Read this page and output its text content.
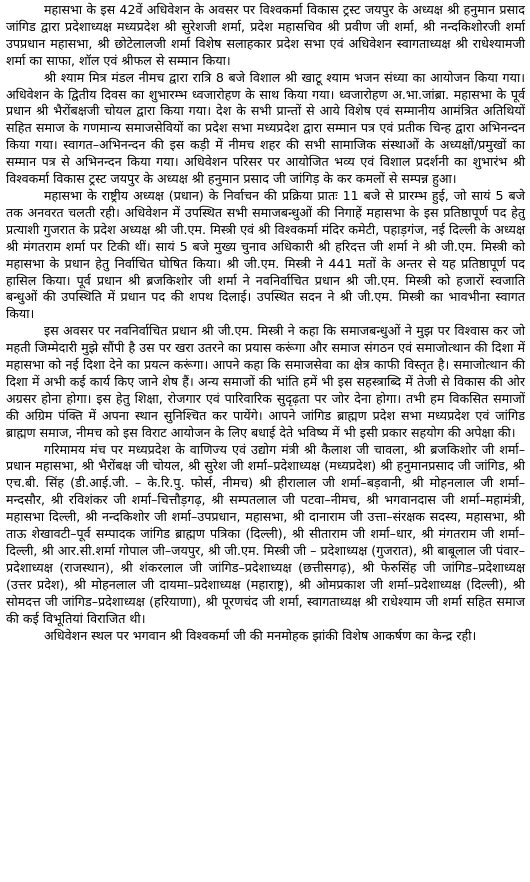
महासभा के इस 42वें अधिवेशन के अवसर पर विश्वकर्मा विकास ट्रस्ट जयपुर के अध्यक्ष श्री हनुमान प्रसाद जांगिड द्वारा प्रदेशाध्यक्ष मध्यप्रदेश श्री सुरेशजी शर्मा, प्रदेश महासचिव श्री प्रवीण जी शर्मा, श्री नन्दकिशोरजी शर्मा उपप्रधान महासभा, श्री छोटेलालजी शर्मा विशेष सलाहकार प्रदेश सभा एवं अधिवेशन स्वागताध्यक्ष श्री राधेश्यामजी शर्मा का साफा, शॉल एवं श्रीफल से सम्मान किया।

श्री श्याम मित्र मंडल नीमच द्वारा रात्रि 8 बजे विशाल श्री खाटू श्याम भजन संध्या का आयोजन किया गया। अधिवेशन के द्वितीय दिवस का शुभारम्भ ध्वजारोहण के साथ किया गया। ध्वजारोहण अ.भा.जांब्रा. महासभा के पूर्व प्रधान श्री भैरोंबक्षजी चोयल द्वारा किया गया। देश के सभी प्रान्तों से आये विशेष एवं सम्मानीय आमंत्रित अतिथियों सहित समाज के गणमान्य समाजसेवियों का प्रदेश सभा मध्यप्रदेश द्वारा सम्मान पत्र एवं प्रतीक चिन्ह द्वारा अभिनन्दन किया गया। स्वागत–अभिनन्दन की इस कड़ी में नीमच शहर की सभी सामाजिक संस्थाओं के अध्यक्षों/प्रमुखों का सम्मान पत्र से अभिनन्दन किया गया। अधिवेशन परिसर पर आयोजित भव्य एवं विशाल प्रदर्शनी का शुभारंभ श्री विश्वकर्मा विकास ट्रस्ट जयपुर के अध्यक्ष श्री हनुमान प्रसाद जी जांगिड़ के कर कमलों से सम्पन्न हुआ।

महासभा के राष्ट्रीय अध्यक्ष (प्रधान) के निर्वाचन की प्रक्रिया प्रातः 11 बजे से प्रारम्भ हुई, जो सायं 5 बजे तक अनवरत चलती रही। अधिवेशन में उपस्थित सभी समाजबन्धुओं की निगाहें महासभा के इस प्रतिष्ठापूर्ण पद हेतु प्रत्याशी गुजरात के प्रदेश अध्यक्ष श्री जी.एम. मिस्त्री एवं श्री विश्वकर्मा मंदिर कमेटी, पहाड़गंज, नई दिल्ली के अध्यक्ष श्री मंगतराम शर्मा पर टिकी थीं। सायं 5 बजे मुख्य चुनाव अधिकारी श्री हरिदत्त जी शर्मा ने श्री जी.एम. मिस्त्री को महासभा के प्रधान हेतु निर्वाचित घोषित किया। श्री जी.एम. मिस्त्री ने 441 मतों के अन्तर से यह प्रतिष्ठापूर्ण पद हासिल किया। पूर्व प्रधान श्री ब्रजकिशोर जी शर्मा ने नवनिर्वाचित प्रधान श्री जी.एम. मिस्त्री को हजारों स्वजाति बन्धुओं की उपस्थिति में प्रधान पद की शपथ दिलाई। उपस्थित सदन ने श्री जी.एम. मिस्त्री का भावभीना स्वागत किया।

इस अवसर पर नवनिर्वाचित प्रधान श्री जी.एम. मिस्त्री ने कहा कि समाजबन्धुओं ने मुझ पर विश्वास कर जो महती जिम्मेदारी मुझे सौंपी है उस पर खरा उतरने का प्रयास करूंगा और समाज संगठन एवं समाजोत्थान की दिशा में महासभा को नई दिशा देने का प्रयत्न करूंगा। आपने कहा कि समाजसेवा का क्षेत्र काफी विस्तृत है। समाजोत्थान की दिशा में अभी कई कार्य किए जाने शेष हैं। अन्य समाजों की भांति हमें भी इस सहस्त्राब्दि में तेजी से विकास की ओर अग्रसर होना होगा। इस हेतु शिक्षा, रोजगार एवं पारिवारिक सुदृढ़ता पर जोर देना होगा। तभी हम विकसित समाजों की अग्रिम पंक्ति में अपना स्थान सुनिश्चित कर पायेंगे। आपने जांगिड ब्राह्मण प्रदेश सभा मध्यप्रदेश एवं जांगिड ब्राह्मण समाज, नीमच को इस विराट आयोजन के लिए बधाई देते भविष्य में भी इसी प्रकार सहयोग की अपेक्षा की।

गरिमामय मंच पर मध्यप्रदेश के वाणिज्य एवं उद्योग मंत्री श्री कैलाश जी चावला, श्री ब्रजकिशोर जी शर्मा–प्रधान महासभा, श्री भैरोंबक्ष जी चोयल, श्री सुरेश जी शर्मा–प्रदेशाध्यक्ष (मध्यप्रदेश) श्री हनुमानप्रसाद जी जांगिड, श्री एच.बी. सिंह (डी.आई.जी. – के.रि.पु. फोर्स, नीमच) श्री हीरालाल जी शर्मा–बड़वानी, श्री मोहनलाल जी शर्मा–मन्दसौर, श्री रविशंकर जी शर्मा–चित्तौड़गढ़, श्री सम्पतलाल जी पटवा–नीमच, श्री भगवानदास जी शर्मा–महामंत्री, महासभा दिल्ली, श्री नन्दकिशोर जी शर्मा–उपप्रधान, महासभा, श्री दानाराम जी उत्ता–संरक्षक सदस्य, महासभा, श्री ताऊ शेखावटी–पूर्व सम्पादक जांगिड ब्राह्मण पत्रिका (दिल्ली), श्री सीताराम जी शर्मा–धार, श्री मंगतराम जी शर्मा–दिल्ली, श्री आर.सी.शर्मा गोपाल जी–जयपुर, श्री जी.एम. मिस्त्री जी – प्रदेशाध्यक्ष (गुजरात), श्री बाबूलाल जी पंवार–प्रदेशाध्यक्ष (राजस्थान), श्री शंकरलाल जी जांगिड–प्रदेशाध्यक्ष (छत्तीसगढ़), श्री फेरुसिंह जी जांगिड–प्रदेशाध्यक्ष (उत्तर प्रदेश), श्री मोहनलाल जी दायमा–प्रदेशाध्यक्ष (महाराष्ट्र), श्री ओमप्रकाश जी शर्मा–प्रदेशाध्यक्ष (दिल्ली), श्री सोमदत्त जी जांगिड–प्रदेशाध्यक्ष (हरियाणा), श्री पूरणचंद जी शर्मा, स्वागताध्यक्ष श्री राधेश्याम जी शर्मा सहित समाज की कई विभूतियां विराजित थी।

अधिवेशन स्थल पर भगवान श्री विश्वकर्मा जी की मनमोहक झांकी विशेष आकर्षण का केन्द्र रही।
